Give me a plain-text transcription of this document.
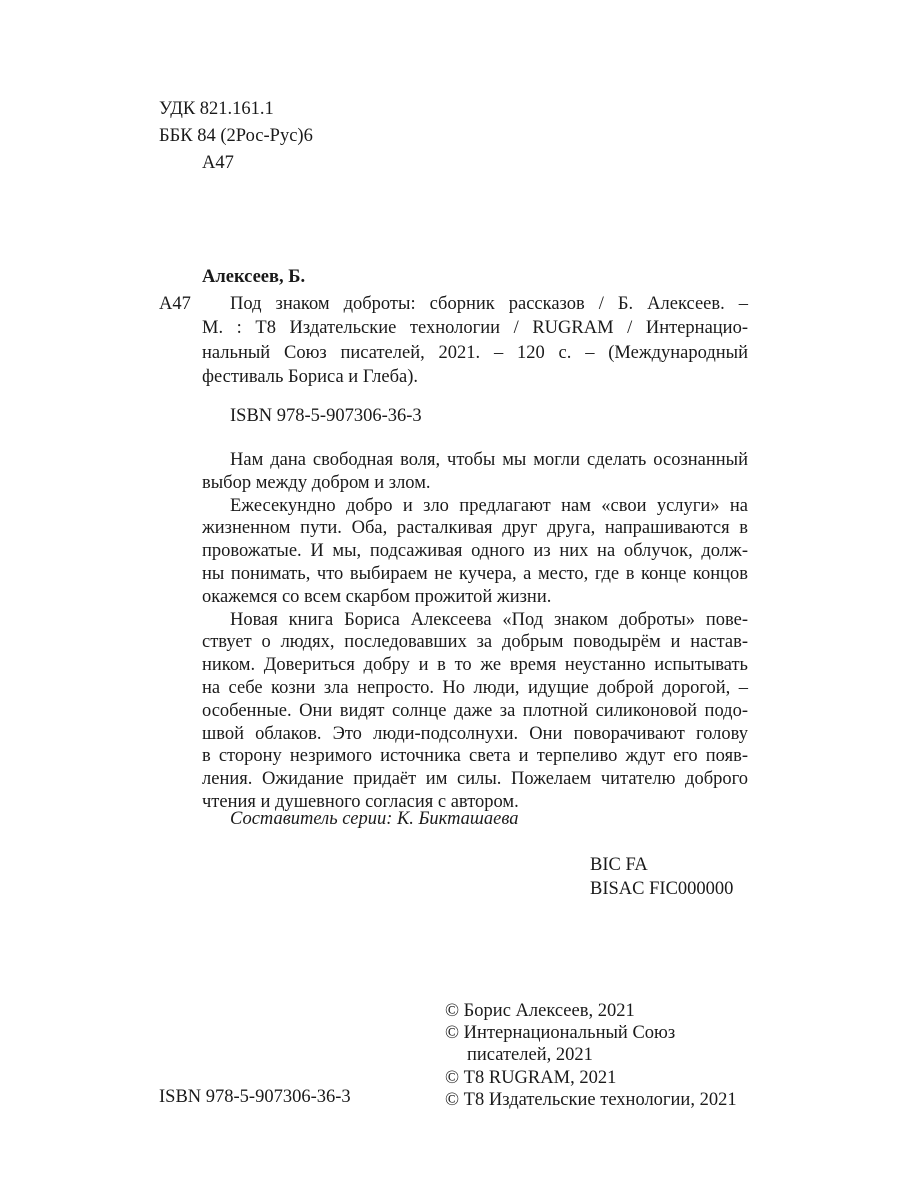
УДК 821.161.1
ББК 84 (2Рос-Рус)6
А47
Алексеев, Б.
А47 Под знаком доброты: сборник рассказов / Б. Алексеев. –
М. : Т8 Издательские технологии / RUGRAM / Интернацио-
нальный Союз писателей, 2021. – 120 с. – (Международный
фестиваль Бориса и Глеба).
ISBN 978-5-907306-36-3
Нам дана свободная воля, чтобы мы могли сделать осознанный
выбор между добром и злом.
Ежесекундно добро и зло предлагают нам «свои услуги» на
жизненном пути. Оба, расталкивая друг друга, напрашиваются в
провожатые. И мы, подсаживая одного из них на облучок, долж-
ны понимать, что выбираем не кучера, а место, где в конце концов
окажемся со всем скарбом прожитой жизни.
Новая книга Бориса Алексеева «Под знаком доброты» пове-
ствует о людях, последовавших за добрым поводырём и настав-
ником. Довериться добру и в то же время неустанно испытывать
на себе козни зла непросто. Но люди, идущие доброй дорогой, –
особенные. Они видят солнце даже за плотной силиконовой подо-
швой облаков. Это люди-подсолнухи. Они поворачивают голову
в сторону незримого источника света и терпеливо ждут его появ-
ления. Ожидание придаёт им силы. Пожелаем читателю доброго
чтения и душевного согласия с автором.
Составитель серии: К. Бикташаева
BIC FA
BISAC FIC000000
ISBN 978-5-907306-36-3
© Борис Алексеев, 2021
© Интернациональный Союз
писателей, 2021
© Т8 RUGRAM, 2021
© Т8 Издательские технологии, 2021
